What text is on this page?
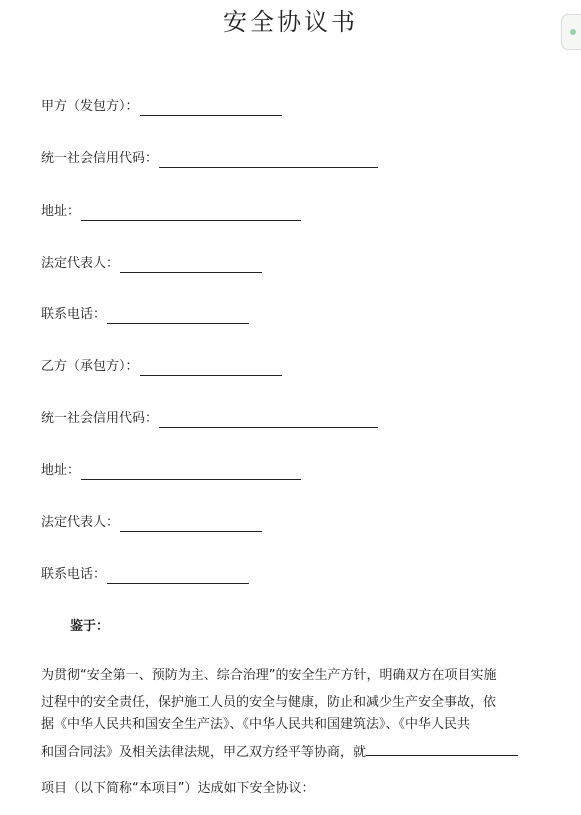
安全协议书
甲方（发包方）：
统一社会信用代码：
地址：
法定代表人：
联系电话：
乙方（承包方）：
统一社会信用代码：
地址：
法定代表人：
联系电话：
鉴于：
为贯彻“安全第一、预防为主、综合治理”的安全生产方针，明确双方在项目实施
过程中的安全责任，保护施工人员的安全与健康，防止和减少生产安全事故，依
据《中华人民共和国安全生产法》、《中华人民共和国建筑法》、《中华人民共
和国合同法》及相关法律法规，甲乙双方经平等协商，就
项目（以下简称“本项目”）达成如下安全协议：
